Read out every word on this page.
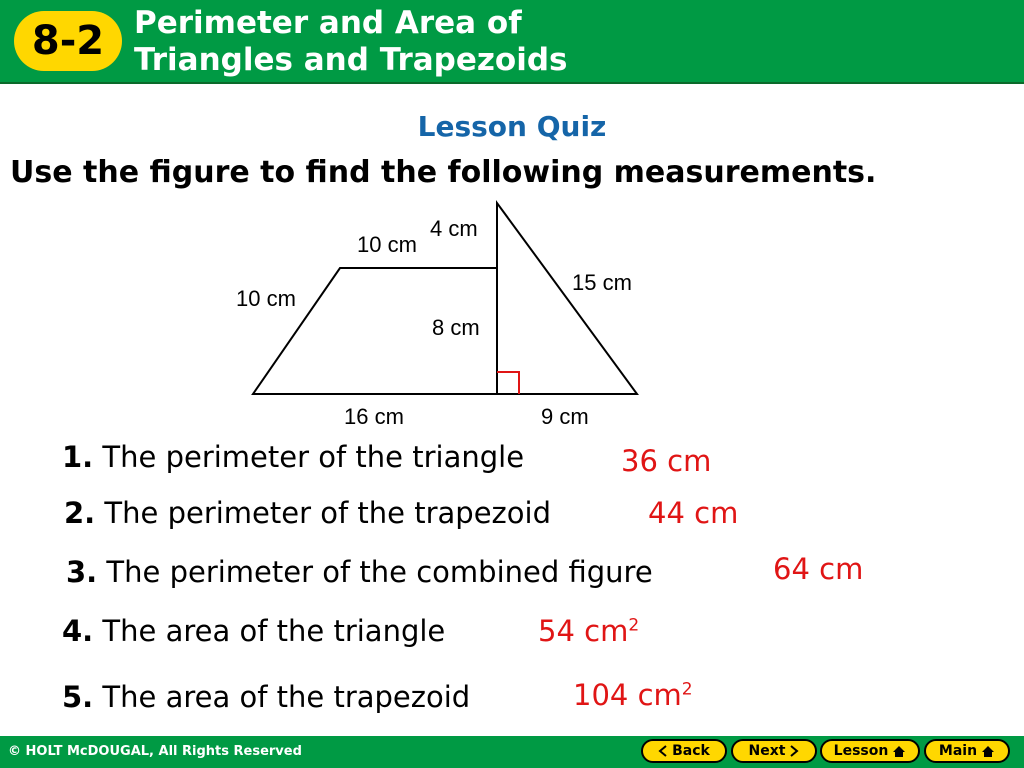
8-2 Perimeter and Area of
Triangles and Trapezoids
Lesson Quiz
Use the figure to find the following measurements.
4 cm
10 cm
10 cm
15 cm
8 cm
16 cm	9 cm
1. The perimeter of the triangle	36 cm
2. The perimeter of the trapezoid	44 cm
3. The perimeter of the combined figure	64 cm
4. The area of the triangle	54 $cm^2$
5. The area of the trapezoid	104 $cm^2$
© HOLT McDOUGAL, All Rights Reserved	Back	Next	Lesson	Main
